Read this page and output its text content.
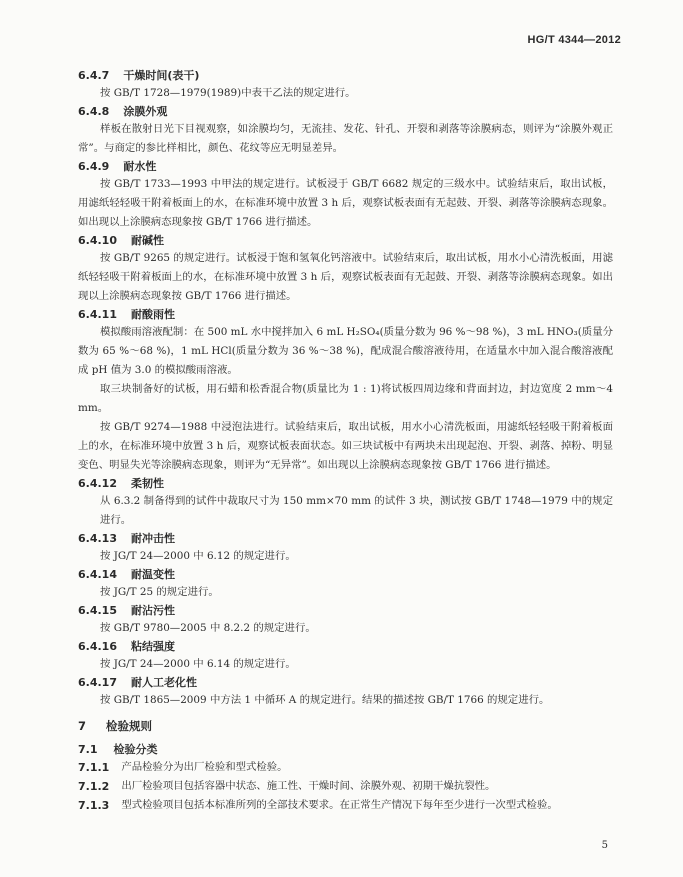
HG/T 4344—2012
6.4.7 干燥时间(表干)

按 GB/T 1728—1979(1989)中表干乙法的规定进行。

6.4.8 涂膜外观

样板在散射日光下目视观察，如涂膜均匀，无流挂、发花、针孔、开裂和剥落等涂膜病态，则评为“涂膜外观正常”。与商定的参比样相比，颜色、花纹等应无明显差异。

6.4.9 耐水性

按 GB/T 1733—1993 中甲法的规定进行。试板浸于 GB/T 6682 规定的三级水中。试验结束后，取出试板，用滤纸轻轻吸干附着板面上的水，在标准环境中放置 3 h 后，观察试板表面有无起鼓、开裂、剥落等涂膜病态现象。如出现以上涂膜病态现象按 GB/T 1766 进行描述。

6.4.10 耐碱性

按 GB/T 9265 的规定进行。试板浸于饱和氢氧化钙溶液中。试验结束后，取出试板，用水小心清洗板面，用滤纸轻轻吸干附着板面上的水，在标准环境中放置 3 h 后，观察试板表面有无起鼓、开裂、剥落等涂膜病态现象。如出现以上涂膜病态现象按 GB/T 1766 进行描述。

6.4.11 耐酸雨性

模拟酸雨溶液配制：在 500 mL 水中搅拌加入 6 mL H₂SO₄(质量分数为 96 %～98 %)，3 mL HNO₃(质量分数为 65 %～68 %)，1 mL HCl(质量分数为 36 %～38 %)，配成混合酸溶液待用，在适量水中加入混合酸溶液配成 pH 值为 3.0 的模拟酸雨溶液。

取三块制备好的试板，用石蜡和松香混合物(质量比为 1 : 1)将试板四周边缘和背面封边，封边宽度 2 mm～4 mm。

按 GB/T 9274—1988 中浸泡法进行。试验结束后，取出试板，用水小心清洗板面，用滤纸轻轻吸干附着板面上的水，在标准环境中放置 3 h 后，观察试板表面状态。如三块试板中有两块未出现起泡、开裂、剥落、掉粉、明显变色、明显失光等涂膜病态现象，则评为“无异常”。如出现以上涂膜病态现象按 GB/T 1766 进行描述。

6.4.12 柔韧性

从 6.3.2 制备得到的试件中裁取尺寸为 150 mm×70 mm 的试件 3 块，测试按 GB/T 1748—1979 中的规定进行。

6.4.13 耐冲击性

按 JG/T 24—2000 中 6.12 的规定进行。

6.4.14 耐温变性

按 JG/T 25 的规定进行。

6.4.15 耐沾污性

按 GB/T 9780—2005 中 8.2.2 的规定进行。

6.4.16 粘结强度

按 JG/T 24—2000 中 6.14 的规定进行。

6.4.17 耐人工老化性

按 GB/T 1865—2009 中方法 1 中循环 A 的规定进行。结果的描述按 GB/T 1766 的规定进行。

7 检验规则
7.1 检验分类
7.1.1 产品检验分为出厂检验和型式检验。
7.1.2 出厂检验项目包括容器中状态、施工性、干燥时间、涂膜外观、初期干燥抗裂性。
7.1.3 型式检验项目包括本标准所列的全部技术要求。在正常生产情况下每年至少进行一次型式检验。
5
